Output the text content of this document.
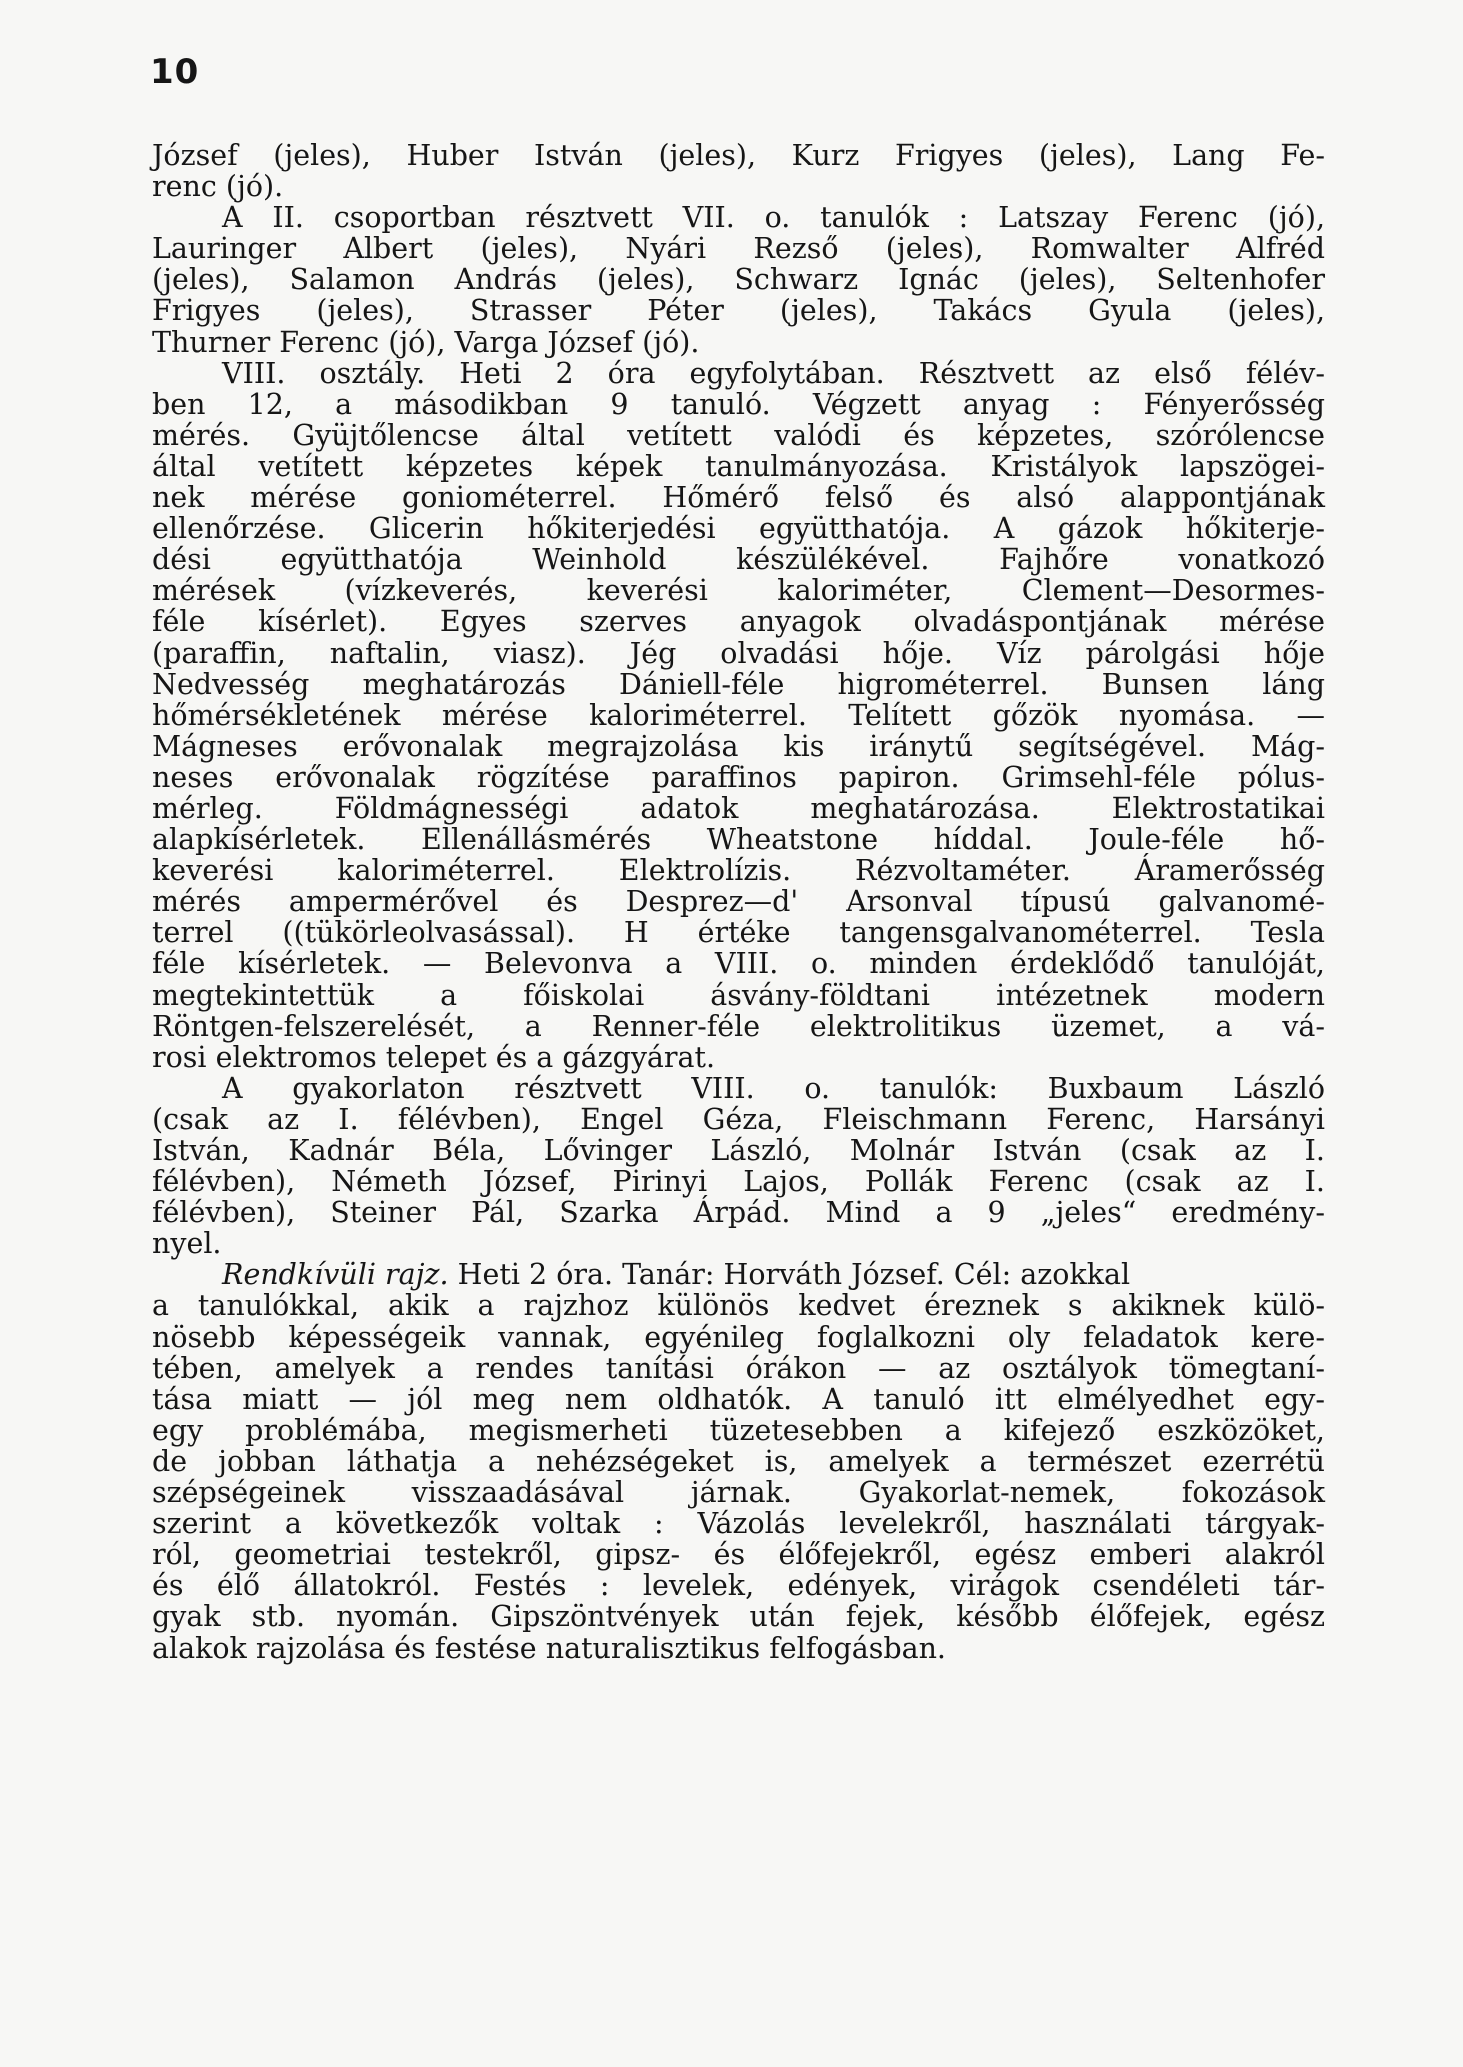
10

József (jeles), Huber István (jeles), Kurz Frigyes (jeles), Lang Fe-
renc (jó).
A II. csoportban résztvett VII. o. tanulók : Latszay Ferenc (jó),
Lauringer Albert (jeles), Nyári Rezső (jeles), Romwalter Alfréd
(jeles), Salamon András (jeles), Schwarz Ignác (jeles), Seltenhofer
Frigyes (jeles), Strasser Péter (jeles), Takács Gyula (jeles),
Thurner Ferenc (jó), Varga József (jó).
VIII. osztály. Heti 2 óra egyfolytában. Résztvett az első félév-
ben 12, a másodikban 9 tanuló. Végzett anyag : Fényerősség
mérés. Gyüjtőlencse által vetített valódi és képzetes, szórólencse
által vetített képzetes képek tanulmányozása. Kristályok lapszögei-
nek mérése goniométerrel. Hőmérő felső és alsó alappontjának
ellenőrzése. Glicerin hőkiterjedési együtthatója. A gázok hőkiterje-
dési együtthatója Weinhold készülékével. Fajhőre vonatkozó
mérések (vízkeverés, keverési kaloriméter, Clement—Desormes-
féle kísérlet). Egyes szerves anyagok olvadáspontjának mérése
(paraffin, naftalin, viasz). Jég olvadási hője. Víz párolgási hője
Nedvesség meghatározás Dániell-féle higrométerrel. Bunsen láng
hőmérsékletének mérése kaloriméterrel. Telített gőzök nyomása. —
Mágneses erővonalak megrajzolása kis iránytű segítségével. Mág-
neses erővonalak rögzítése paraffinos papiron. Grimsehl-féle pólus-
mérleg. Földmágnességi adatok meghatározása. Elektrostatikai
alapkísérletek. Ellenállásmérés Wheatstone híddal. Joule-féle hő-
keverési kaloriméterrel. Elektrolízis. Rézvoltaméter. Áramerősség
mérés ampermérővel és Desprez—d' Arsonval típusú galvanomé-
terrel ((tükörleolvasással). H értéke tangensgalvanométerrel. Tesla
féle kísérletek. — Belevonva a VIII. o. minden érdeklődő tanulóját,
megtekintettük a főiskolai ásvány-földtani intézetnek modern
Röntgen-felszerelését, a Renner-féle elektrolitikus üzemet, a vá-
rosi elektromos telepet és a gázgyárat.
A gyakorlaton résztvett VIII. o. tanulók: Buxbaum László
(csak az I. félévben), Engel Géza, Fleischmann Ferenc, Harsányi
István, Kadnár Béla, Lővinger László, Molnár István (csak az I.
félévben), Németh József, Pirinyi Lajos, Pollák Ferenc (csak az I.
félévben), Steiner Pál, Szarka Árpád. Mind a 9 „jeles“ eredmény-
nyel.
Rendkívüli rajz. Heti 2 óra. Tanár: Horváth József. Cél: azokkal
a tanulókkal, akik a rajzhoz különös kedvet éreznek s akiknek külö-
nösebb képességeik vannak, egyénileg foglalkozni oly feladatok kere-
tében, amelyek a rendes tanítási órákon — az osztályok tömegtaní-
tása miatt — jól meg nem oldhatók. A tanuló itt elmélyedhet egy-
egy problémába, megismerheti tüzetesebben a kifejező eszközöket,
de jobban láthatja a nehézségeket is, amelyek a természet ezerrétü
szépségeinek visszaadásával járnak. Gyakorlat-nemek, fokozások
szerint a következők voltak : Vázolás levelekről, használati tárgyak-
ról, geometriai testekről, gipsz- és élőfejekről, egész emberi alakról
és élő állatokról. Festés : levelek, edények, virágok csendéleti tár-
gyak stb. nyomán. Gipszöntvények után fejek, később élőfejek, egész
alakok rajzolása és festése naturalisztikus felfogásban.
